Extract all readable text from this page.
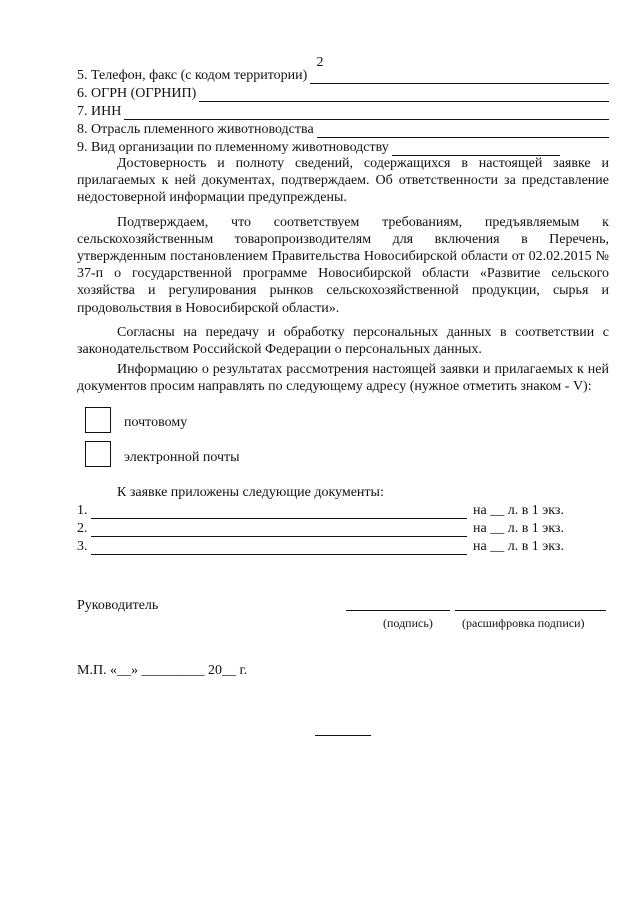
2
5. Телефон, факс (с кодом территории)
6. ОГРН (ОГРНИП)
7. ИНН
8. Отрасль племенного животноводства
9. Вид организации по племенному животноводству

Достоверность и полноту сведений, содержащихся в настоящей заявке и прилагаемых к ней документах, подтверждаем. Об ответственности за представление недостоверной информации предупреждены.

Подтверждаем, что соответствуем требованиям, предъявляемым к сельскохозяйственным товаропроизводителям для включения в Перечень, утвержденным постановлением Правительства Новосибирской области от 02.02.2015 № 37-п о государственной программе Новосибирской области «Развитие сельского хозяйства и регулирования рынков сельскохозяйственной продукции, сырья и продовольствия в Новосибирской области».

Согласны на передачу и обработку персональных данных в соответствии с законодательством Российской Федерации о персональных данных.

Информацию о результатах рассмотрения настоящей заявки и прилагаемых к ней документов просим направлять по следующему адресу (нужное отметить знаком - V):

почтовому
электронной почты
К заявке приложены следующие документы:
1.	на __ л. в 1 экз.
2.	на __ л. в 1 экз.
3.	на __ л. в 1 экз.
Руководитель
(подпись) (расшифровка подписи)
М.П. «__» _________ 20__ г.
